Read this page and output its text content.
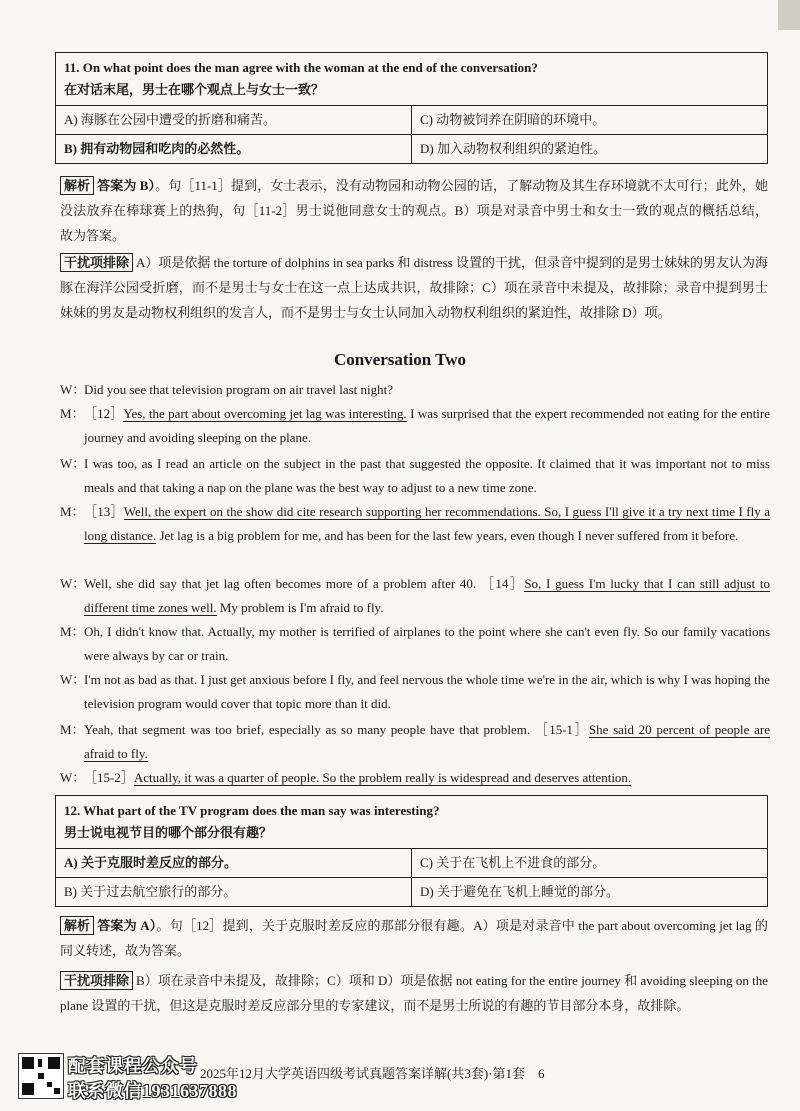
11. On what point does the man agree with the woman at the end of the conversation?
在对话末尾，男士在哪个观点上与女士一致？	

A) 海豚在公园中遭受的折磨和痛苦。	C) 动物被饲养在阴暗的环境中。
B) 拥有动物园和吃肉的必然性。	D) 加入动物权利组织的紧迫性。
解析 答案为 B）。句［11-1］提到，女士表示，没有动物园和动物公园的话，了解动物及其生存环境就不太可行；此外，她没法放弃在棒球赛上的热狗，句［11-2］男士说他同意女士的观点。B）项是对录音中男士和女士一致的观点的概括总结，故为答案。
干扰项排除 A）项是依据 the torture of dolphins in sea parks 和 distress 设置的干扰，但录音中提到的是男士妹妹的男友认为海豚在海洋公园受折磨，而不是男士与女士在这一点上达成共识，故排除；C）项在录音中未提及，故排除；录音中提到男士妹妹的男友是动物权利组织的发言人，而不是男士与女士认同加入动物权利组织的紧迫性，故排除 D）项。
Conversation Two
W：
Did you see that television program on air travel last night?
M： ［12］Yes, the part about overcoming jet lag was interesting. I was surprised that the expert recommended not eating for the entire journey and avoiding sleeping on the plane.
W：
I was too, as I read an article on the subject in the past that suggested the opposite. It claimed that it was important not to miss meals and that taking a nap on the plane was the best way to adjust to a new time zone.
M： ［13］Well, the expert on the show did cite research supporting her recommendations. So, I guess I'll give it a try next time I fly a long distance. Jet lag is a big problem for me, and has been for the last few years, even though I never suffered from it before.
W：
Well, she did say that jet lag often becomes more of a problem after 40. ［14］So, I guess I'm lucky that I can still adjust to different time zones well. My problem is I'm afraid to fly.
M： Oh, I didn't know that. Actually, my mother is terrified of airplanes to the point where she can't even fly. So our family vacations were always by car or train.
W：
I'm not as bad as that. I just get anxious before I fly, and feel nervous the whole time we're in the air, which is why I was hoping the television program would cover that topic more than it did.
M： Yeah, that segment was too brief, especially as so many people have that problem. ［15-1］She said 20 percent of people are afraid to fly.
W：
［15-2］Actually, it was a quarter of people. So the problem really is widespread and deserves attention.
12. What part of the TV program does the man say was interesting?
男士说电视节目的哪个部分很有趣？	

A) 关于克服时差反应的部分。	C) 关于在飞机上不进食的部分。
B) 关于过去航空旅行的部分。	D) 关于避免在飞机上睡觉的部分。
解析 答案为 A）。句［12］提到，关于克服时差反应的那部分很有趣。A）项是对录音中 the part about overcoming jet lag 的同义转述，故为答案。
干扰项排除 B）项在录音中未提及，故排除；C）项和 D）项是依据 not eating for the entire journey 和 avoiding sleeping on the plane 设置的干扰，但这是克服时差反应部分里的专家建议，而不是男士所说的有趣的节目部分本身，故排除。
2025年12月大学英语四级考试真题答案详解(共3套)·第1套　6
配套课程公众号
联系微信1931637888
